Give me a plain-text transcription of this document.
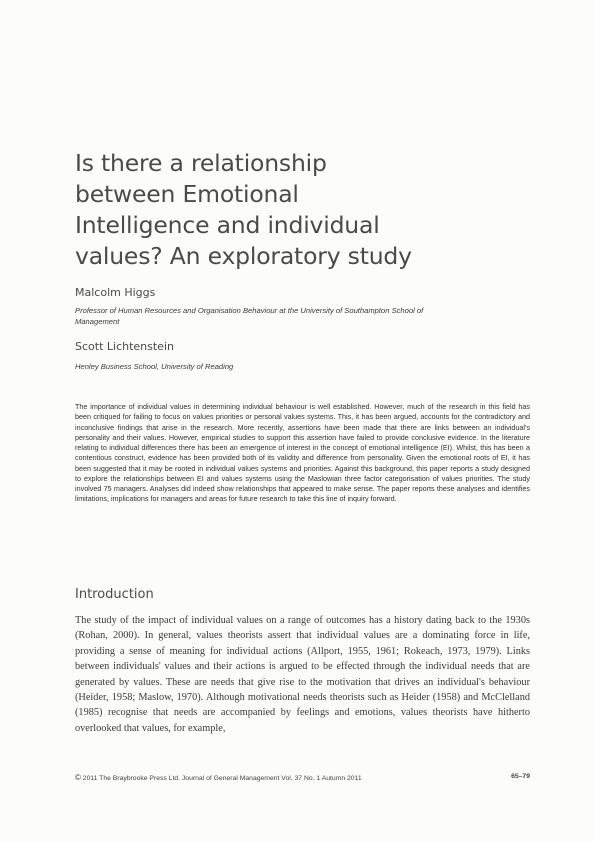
Is there a relationship
between Emotional
Intelligence and individual
values? An exploratory study
Malcolm Higgs
Professor of Human Resources and Organisation Behaviour at the University of Southampton School of Management
Scott Lichtenstein
Henley Business School, University of Reading

The importance of individual values in determining individual behaviour is well established. However, much of the research in this field has been critiqued for failing to focus on values priorities or personal values systems. This, it has been argued, accounts for the contradictory and inconclusive findings that arise in the research. More recently, assertions have been made that there are links between an individual's personality and their values. However, empirical studies to support this assertion have failed to provide conclusive evidence. In the literature relating to individual differences there has been an emergence of interest in the concept of emotional intelligence (EI). Whilst, this has been a contentious construct, evidence has been provided both of its validity and difference from personality. Given the emotional roots of EI, it has been suggested that it may be rooted in individual values systems and priorities. Against this background, this paper reports a study designed to explore the relationships between EI and values systems using the Maslowian three factor categorisation of values priorities. The study involved 75 managers. Analyses did indeed show relationships that appeared to make sense. The paper reports these analyses and identifies limitations, implications for managers and areas for future research to take this line of inquiry forward.

Introduction

The study of the impact of individual values on a range of outcomes has a history dating back to the 1930s (Rohan, 2000). In general, values theorists assert that individual values are a dominating force in life, providing a sense of meaning for individual actions (Allport, 1955, 1961; Rokeach, 1973, 1979). Links between individuals' values and their actions is argued to be effected through the individual needs that are generated by values. These are needs that give rise to the motivation that drives an individual's behaviour (Heider, 1958; Maslow, 1970). Although motivational needs theorists such as Heider (1958) and McClelland (1985) recognise that needs are accompanied by feelings and emotions, values theorists have hitherto overlooked that values, for example,

© 2011 The Braybrooke Press Ltd. Journal of General Management Vol. 37 No. 1 Autumn 2011	65–79
